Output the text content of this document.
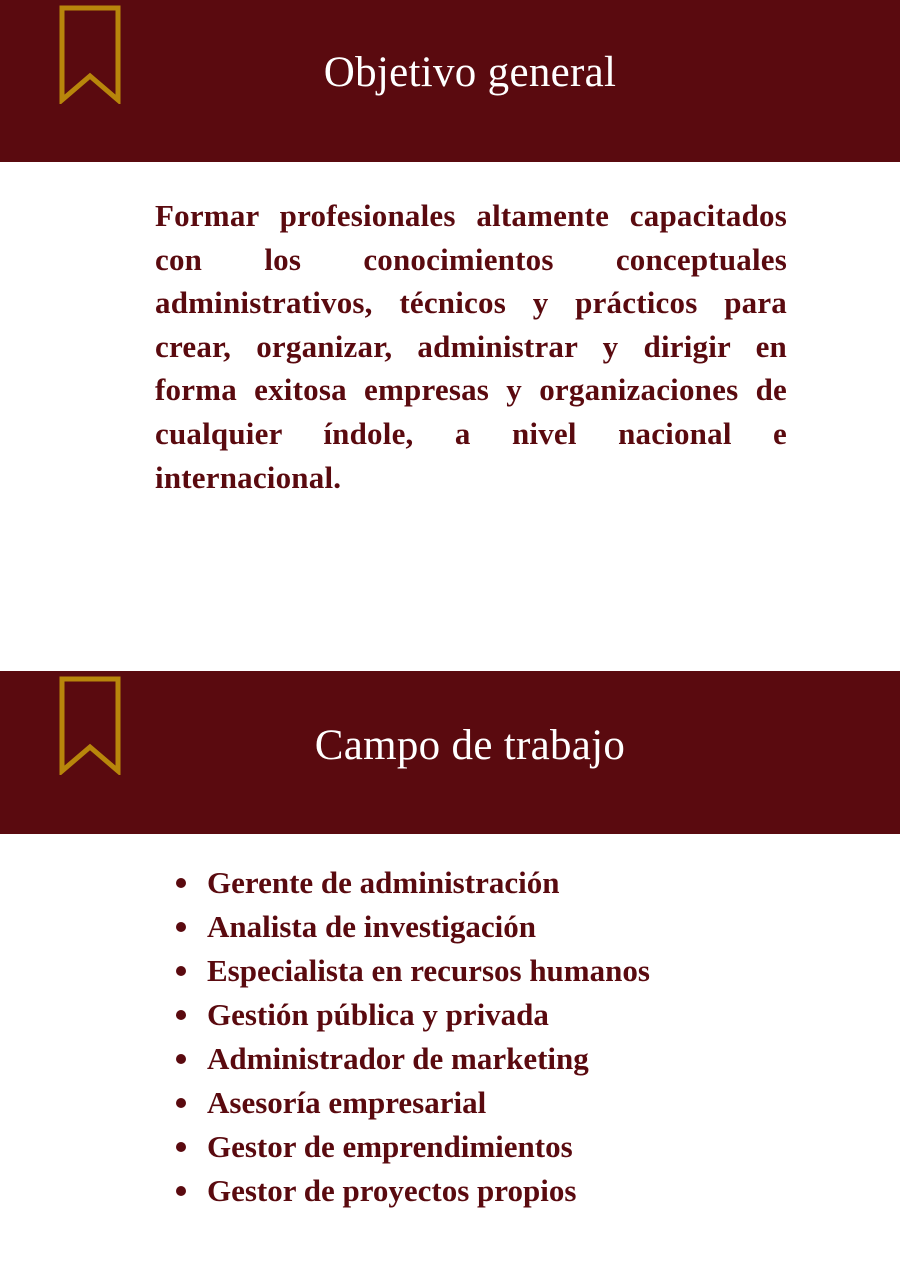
Objetivo general

Formar profesionales altamente capacitados con los conocimientos conceptuales administrativos, técnicos y prácticos para crear, organizar, administrar y dirigir en forma exitosa empresas y organizaciones de cualquier índole, a nivel nacional e internacional.

Campo de trabajo
Gerente de administración
Analista de investigación
Especialista en recursos humanos
Gestión pública y privada
Administrador de marketing
Asesoría empresarial
Gestor de emprendimientos
Gestor de proyectos propios
